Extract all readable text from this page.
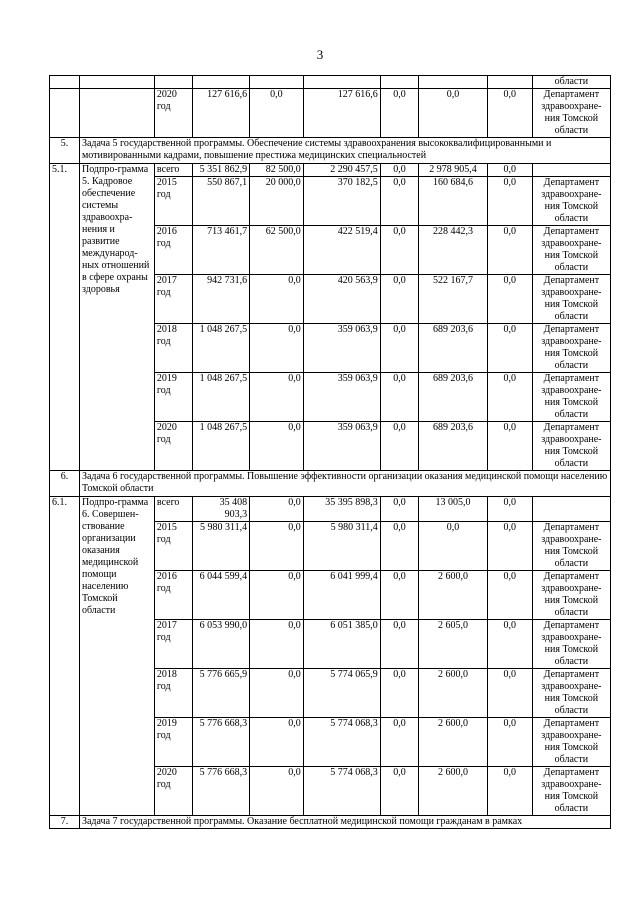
3
									области
		2020 год	127 616,6	0,0	127 616,6	0,0	0,0	0,0	Департамент здравоохране-ния Томской области
5.	Задача 5 государственной программы. Обеспечение системы здравоохранения высококвалифицированными и мотивированными кадрами, повышение престижа медицинских специальностей								
5.1.	Подпро-грамма 5. Кадровое обеспечение системы здравоохра-нения и развитие международ-ных отношений в сфере охраны здоровья	всего	5 351 862,9	82 500,0	2 290 457,5	0,0	2 978 905,4	0,0	
		2015 год	550 867,1	20 000,0	370 182,5	0,0	160 684,6	0,0	Департамент здравоохране-ния Томской области
		2016 год	713 461,7	62 500,0	422 519,4	0,0	228 442,3	0,0	Департамент здравоохране-ния Томской области
		2017 год	942 731,6	0,0	420 563,9	0,0	522 167,7	0,0	Департамент здравоохране-ния Томской области
		2018 год	1 048 267,5	0,0	359 063,9	0,0	689 203,6	0,0	Департамент здравоохране-ния Томской области
		2019 год	1 048 267,5	0,0	359 063,9	0,0	689 203,6	0,0	Департамент здравоохране-ния Томской области
		2020 год	1 048 267,5	0,0	359 063,9	0,0	689 203,6	0,0	Департамент здравоохране-ния Томской области
6.	Задача 6 государственной программы. Повышение эффективности организации оказания медицинской помощи населению Томской области								
6.1.	Подпро-грамма 6. Совершен-ствование организации оказания медицинской помощи населению Томской области	всего	35 408 903,3	0,0	35 395 898,3	0,0	13 005,0	0,0	
		2015 год	5 980 311,4	0,0	5 980 311,4	0,0	0,0	0,0	Департамент здравоохране-ния Томской области
		2016 год	6 044 599,4	0,0	6 041 999,4	0,0	2 600,0	0,0	Департамент здравоохране-ния Томской области
		2017 год	6 053 990,0	0,0	6 051 385,0	0,0	2 605,0	0,0	Департамент здравоохране-ния Томской области
		2018 год	5 776 665,9	0,0	5 774 065,9	0,0	2 600,0	0,0	Департамент здравоохране-ния Томской области
		2019 год	5 776 668,3	0,0	5 774 068,3	0,0	2 600,0	0,0	Департамент здравоохране-ния Томской области
		2020 год	5 776 668,3	0,0	5 774 068,3	0,0	2 600,0	0,0	Департамент здравоохране-ния Томской области
7.	Задача 7 государственной программы. Оказание бесплатной медицинской помощи гражданам в рамках								
